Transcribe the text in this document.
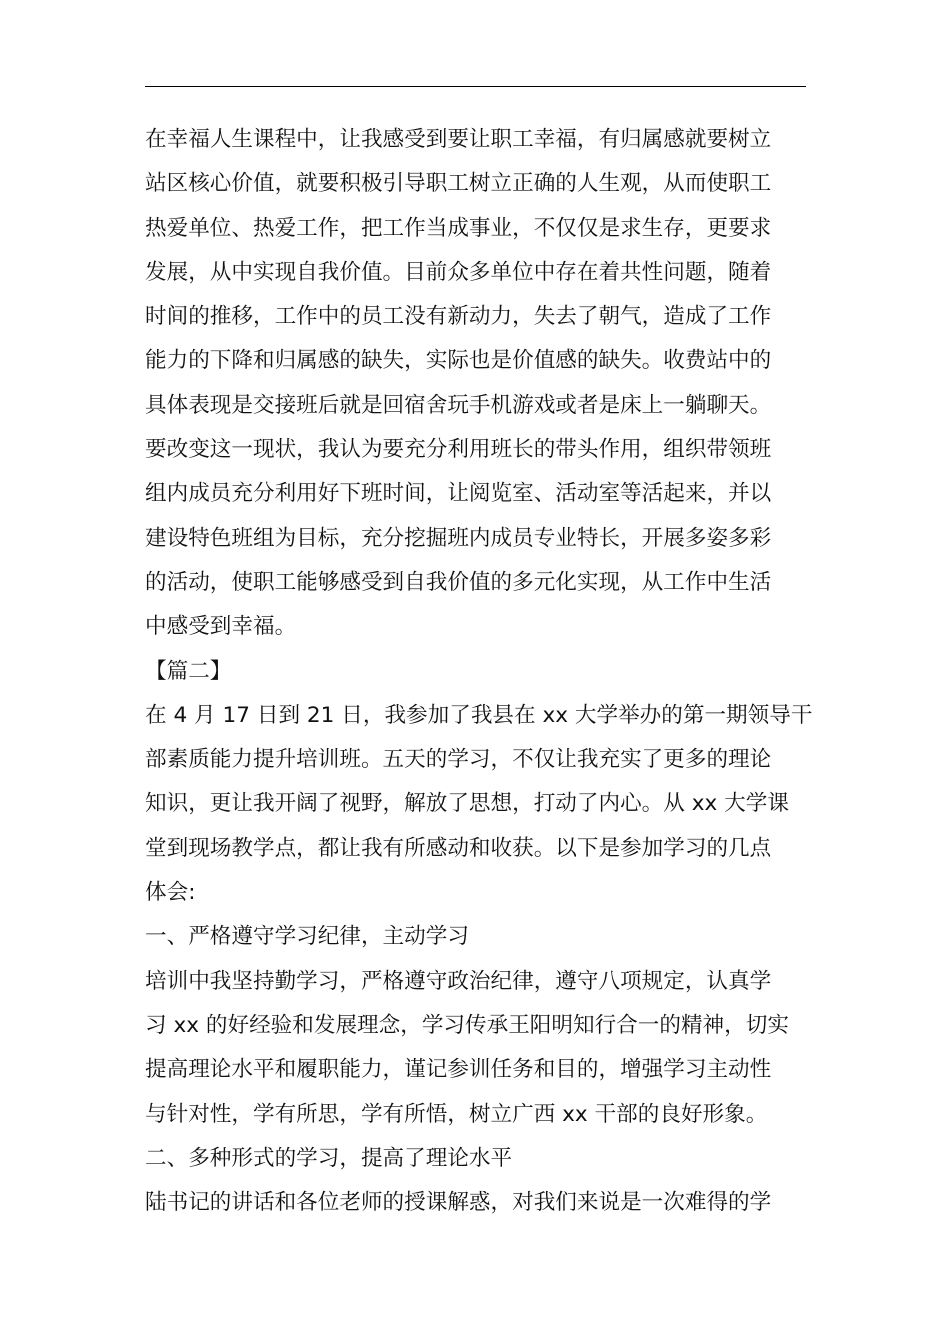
在幸福人生课程中，让我感受到要让职工幸福，有归属感就要树立
站区核心价值，就要积极引导职工树立正确的人生观，从而使职工
热爱单位、热爱工作，把工作当成事业，不仅仅是求生存，更要求
发展，从中实现自我价值。目前众多单位中存在着共性问题，随着
时间的推移，工作中的员工没有新动力，失去了朝气，造成了工作
能力的下降和归属感的缺失，实际也是价值感的缺失。收费站中的
具体表现是交接班后就是回宿舍玩手机游戏或者是床上一躺聊天。
要改变这一现状，我认为要充分利用班长的带头作用，组织带领班
组内成员充分利用好下班时间，让阅览室、活动室等活起来，并以
建设特色班组为目标，充分挖掘班内成员专业特长，开展多姿多彩
的活动，使职工能够感受到自我价值的多元化实现，从工作中生活
中感受到幸福。
【篇二】
在 4 月 17 日到 21 日，我参加了我县在 xx 大学举办的第一期领导干
部素质能力提升培训班。五天的学习，不仅让我充实了更多的理论
知识，更让我开阔了视野，解放了思想，打动了内心。从 xx 大学课
堂到现场教学点，都让我有所感动和收获。以下是参加学习的几点
体会:
一、严格遵守学习纪律，主动学习
培训中我坚持勤学习，严格遵守政治纪律，遵守八项规定，认真学
习 xx 的好经验和发展理念，学习传承王阳明知行合一的精神，切实
提高理论水平和履职能力，谨记参训任务和目的，增强学习主动性
与针对性，学有所思，学有所悟，树立广西 xx 干部的良好形象。
二、多种形式的学习，提高了理论水平
陆书记的讲话和各位老师的授课解惑，对我们来说是一次难得的学
